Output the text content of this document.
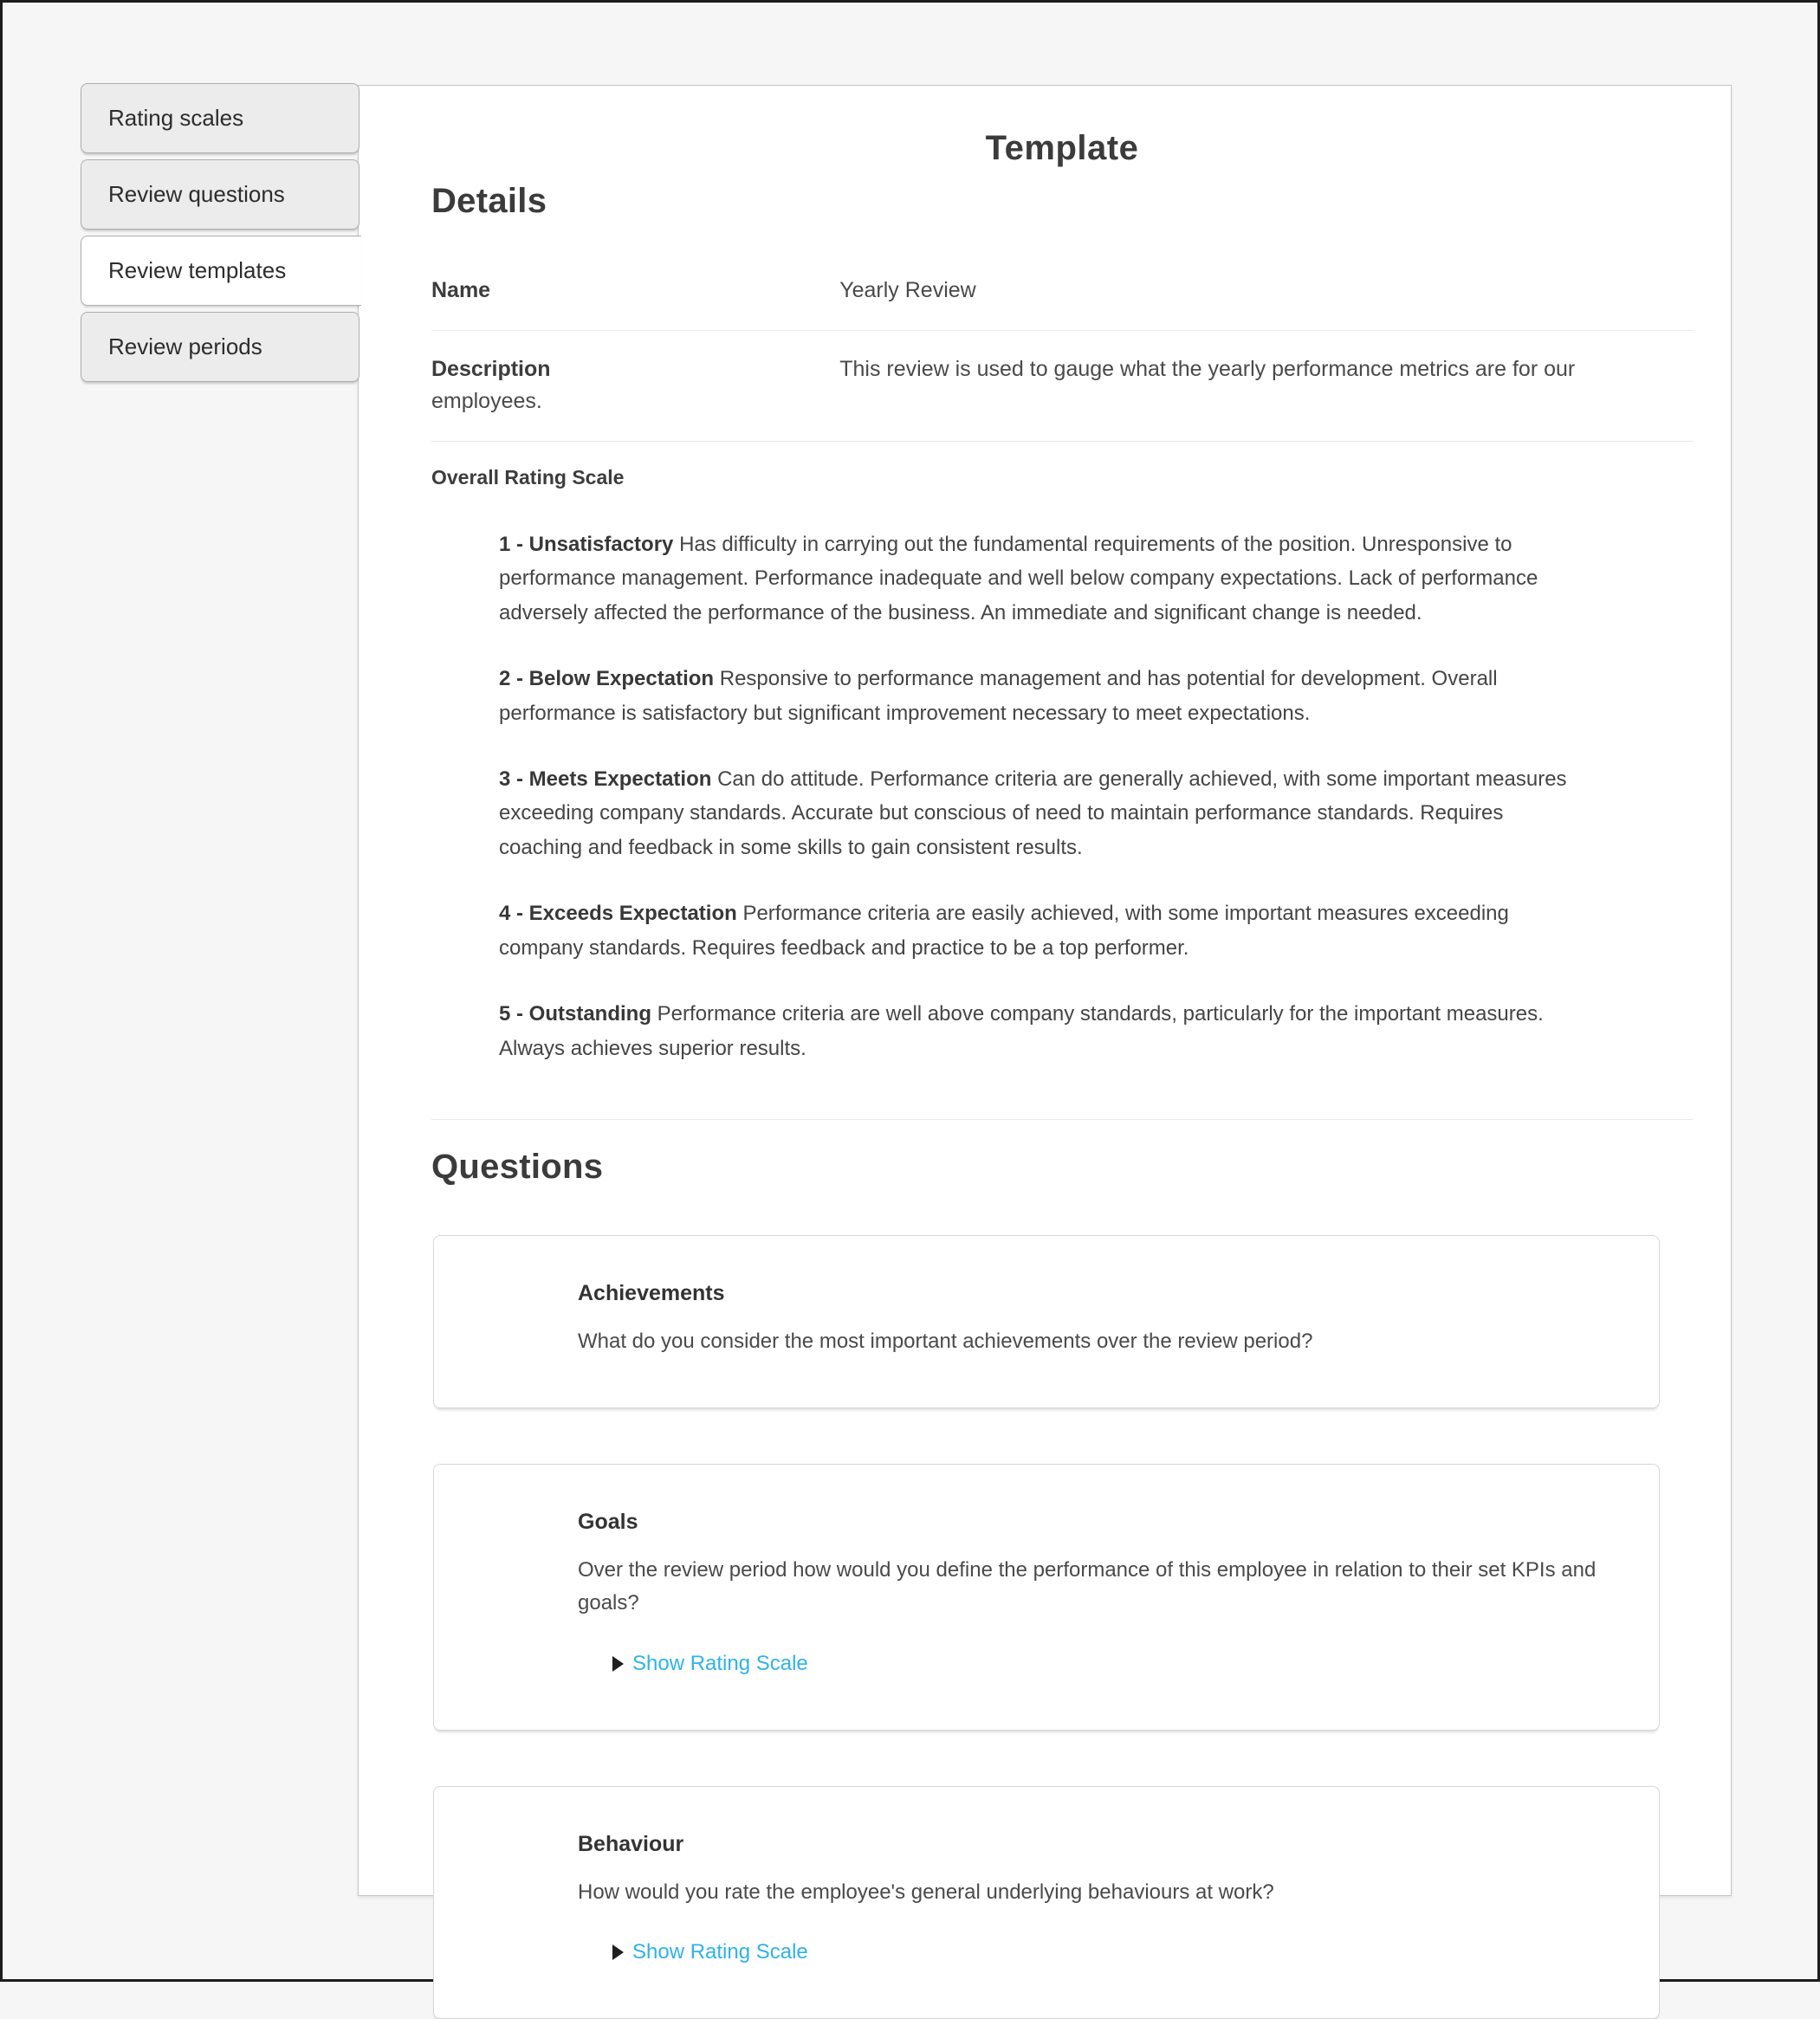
Rating scales
Review questions
Review templates
Review periods
Template
Details
Name	Yearly Review
Description	This review is used to gauge what the yearly performance metrics are for our employees.
Overall Rating Scale

1 - Unsatisfactory Has difficulty in carrying out the fundamental requirements of the position. Unresponsive to performance management. Performance inadequate and well below company expectations. Lack of performance adversely affected the performance of the business. An immediate and significant change is needed.

2 - Below Expectation Responsive to performance management and has potential for development. Overall performance is satisfactory but significant improvement necessary to meet expectations.

3 - Meets Expectation Can do attitude. Performance criteria are generally achieved, with some important measures exceeding company standards. Accurate but conscious of need to maintain performance standards. Requires coaching and feedback in some skills to gain consistent results.

4 - Exceeds Expectation Performance criteria are easily achieved, with some important measures exceeding company standards. Requires feedback and practice to be a top performer.

5 - Outstanding Performance criteria are well above company standards, particularly for the important measures. Always achieves superior results.

Questions
Achievements

What do you consider the most important achievements over the review period?

Goals

Over the review period how would you define the performance of this employee in relation to their set KPIs and goals?

Show Rating Scale
Behaviour

How would you rate the employee's general underlying behaviours at work?

Show Rating Scale
